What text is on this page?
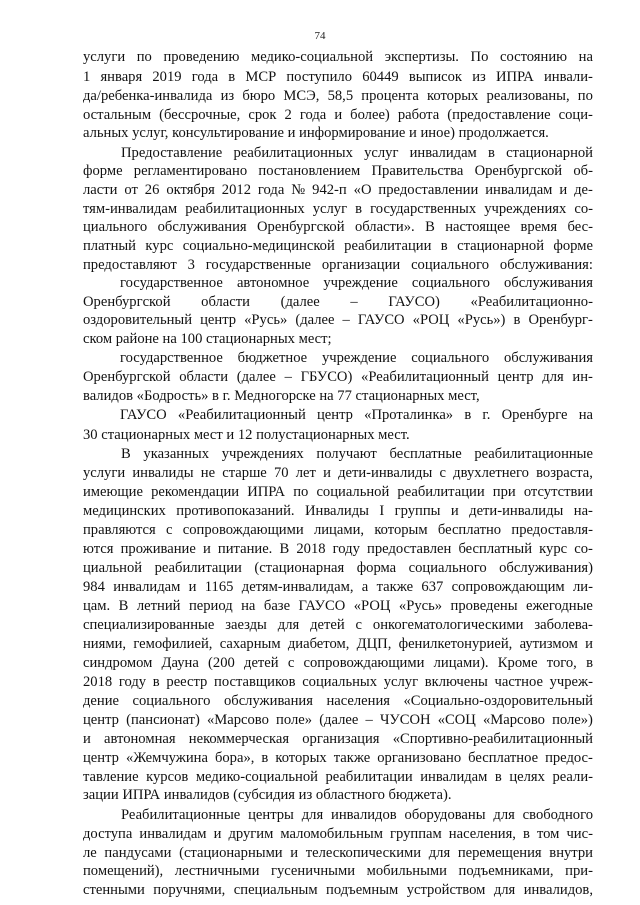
74
услуги по проведению медико-социальной экспертизы. По состоянию на
1 января 2019 года в МСР поступило 60449 выписок из ИПРА инвали-
да/ребенка-инвалида из бюро МСЭ, 58,5 процента которых реализованы, по
остальным (бессрочные, срок 2 года и более) работа (предоставление соци-
альных услуг, консультирование и информирование и иное) продолжается.
Предоставление реабилитационных услуг инвалидам в стационарной
форме регламентировано постановлением Правительства Оренбургской об-
ласти от 26 октября 2012 года № 942-п «О предоставлении инвалидам и де-
тям-инвалидам реабилитационных услуг в государственных учреждениях со-
циального обслуживания Оренбургской области». В настоящее время бес-
платный курс социально-медицинской реабилитации в стационарной форме
предоставляют 3 государственные организации социального обслуживания:
государственное автономное учреждение социального обслуживания
Оренбургской области (далее – ГАУСО) «Реабилитационно-
оздоровительный центр «Русь» (далее – ГАУСО «РОЦ «Русь») в Оренбург-
ском районе на 100 стационарных мест;
государственное бюджетное учреждение социального обслуживания
Оренбургской области (далее – ГБУСО) «Реабилитационный центр для ин-
валидов «Бодрость» в г. Медногорске на 77 стационарных мест,
ГАУСО «Реабилитационный центр «Проталинка» в г. Оренбурге на
30 стационарных мест и 12 полустационарных мест.
В указанных учреждениях получают бесплатные реабилитационные
услуги инвалиды не старше 70 лет и дети-инвалиды с двухлетнего возраста,
имеющие рекомендации ИПРА по социальной реабилитации при отсутствии
медицинских противопоказаний. Инвалиды I группы и дети-инвалиды на-
правляются с сопровождающими лицами, которым бесплатно предоставля-
ются проживание и питание. В 2018 году предоставлен бесплатный курс со-
циальной реабилитации (стационарная форма социального обслуживания)
984 инвалидам и 1165 детям-инвалидам, а также 637 сопровождающим ли-
цам. В летний период на базе ГАУСО «РОЦ «Русь» проведены ежегодные
специализированные заезды для детей с онкогематологическими заболева-
ниями, гемофилией, сахарным диабетом, ДЦП, фенилкетонурией, аутизмом и
синдромом Дауна (200 детей с сопровождающими лицами). Кроме того, в
2018 году в реестр поставщиков социальных услуг включены частное учреж-
дение социального обслуживания населения «Социально-оздоровительный
центр (пансионат) «Марсово поле» (далее – ЧУСОН «СОЦ «Марсово поле»)
и автономная некоммерческая организация «Спортивно-реабилитационный
центр «Жемчужина бора», в которых также организовано бесплатное предос-
тавление курсов медико-социальной реабилитации инвалидам в целях реали-
зации ИПРА инвалидов (субсидия из областного бюджета).
Реабилитационные центры для инвалидов оборудованы для свободного
доступа инвалидам и другим маломобильным группам населения, в том чис-
ле пандусами (стационарными и телескопическими для перемещения внутри
помещений), лестничными гусеничными мобильными подъемниками, при-
стенными поручнями, специальным подъемным устройством для инвалидов,
